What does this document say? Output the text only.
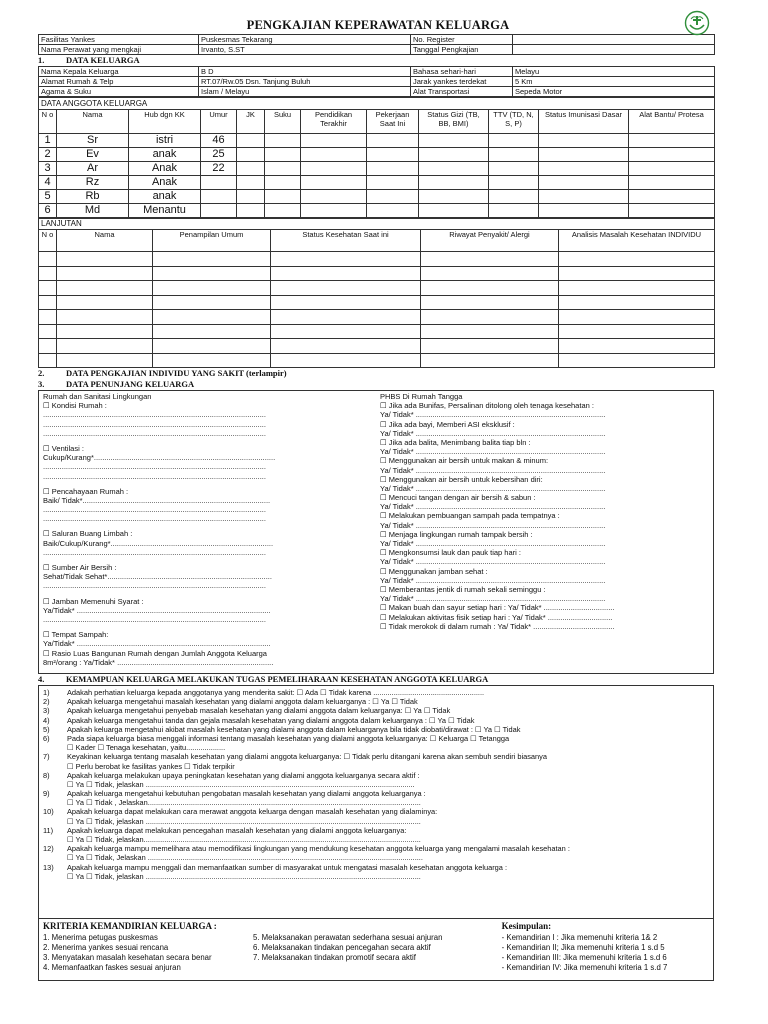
PENGKAJIAN KEPERAWATAN KELUARGA
Fasilitas Yankes	Puskesmas Tekarang	No. Register	
Nama Perawat yang mengkaji	Irvanto, S.ST	Tanggal Pengkajian	
1.	DATA KELUARGA
Nama Kepala Keluarga	B D	Bahasa sehari-hari	Melayu
Alamat Rumah & Telp	RT.07/Rw.05 Dsn. Tanjung Buluh	Jarak yankes terdekat	5 Km
Agama & Suku	Islam / Melayu	Alat Transportasi	Sepeda Motor
DATA ANGGOTA KELUARGA											
N o	Nama	Hub dgn KK	Umur	JK	Suku	Pendidikan Terakhir	Pekerjaan Saat Ini	Status Gizi (TB, BB, BMI)	TTV (TD, N, S, P)	Status Imunisasi Dasar	Alat Bantu/ Protesa
1	Sr	istri	46								
2	Ev	anak	25								
3	Ar	Anak	22								
4	Rz	Anak									
5	Rb	anak									
6	Md	Menantu									
LANJUTAN					
N o	Nama	Penampilan Umum	Status Kesehatan Saat ini	Riwayat Penyakit/ Alergi	Analisis Masalah Kesehatan INDIVIDU

2.	DATA PENGKAJIAN INDIVIDU YANG SAKIT (terlampir)
3.	DATA PENUNJANG KELUARGA
Rumah dan Sanitasi Lingkungan
☐ Kondisi Rumah :
...........................................................................................................
...........................................................................................................
...........................................................................................................
☐ Ventilasi :
Cukup/Kurang*.......................................................................................
...........................................................................................................
...........................................................................................................
☐ Pencahayaan Rumah :
Baik/ Tidak*..........................................................................................
...........................................................................................................
...........................................................................................................
☐ Saluran Buang Limbah :
Baik/Cukup/Kurang*..............................................................................
...........................................................................................................
☐ Sumber Air Bersih :
Sehat/Tidak Sehat*...............................................................................
...........................................................................................................
☐ Jamban Memenuhi Syarat :
Ya/Tidak* .............................................................................................
...........................................................................................................
☐ Tempat Sampah:
Ya/Tidak* .............................................................................................
☐ Rasio Luas Bangunan Rumah dengan Jumlah Anggota Keluarga
8m²/orang : Ya/Tidak* ...........................................................................
PHBS Di Rumah Tangga
☐ Jika ada Bunifas, Persalinan ditolong oleh tenaga kesehatan :
Ya/ Tidak* ...........................................................................................
☐ Jika ada bayi, Memberi ASI eksklusif :
Ya/ Tidak* ...........................................................................................
☐ Jika ada balita, Menimbang balita tiap bln :
Ya/ Tidak* ...........................................................................................
☐ Menggunakan air bersih untuk makan & minum:
Ya/ Tidak* ...........................................................................................
☐ Menggunakan air bersih untuk kebersihan diri:
Ya/ Tidak* ...........................................................................................
☐ Mencuci tangan dengan air bersih & sabun :
Ya/ Tidak* ...........................................................................................
☐ Melakukan pembuangan sampah pada tempatnya :
Ya/ Tidak* ...........................................................................................
☐ Menjaga lingkungan rumah tampak bersih :
Ya/ Tidak* ...........................................................................................
☐ Mengkonsumsi lauk dan pauk tiap hari :
Ya/ Tidak* ...........................................................................................
☐ Menggunakan jamban sehat :
Ya/ Tidak* ...........................................................................................
☐ Memberantas jentik di rumah sekali seminggu :
Ya/ Tidak* ...........................................................................................
☐ Makan buah dan sayur setiap hari : Ya/ Tidak* ..................................
☐ Melakukan aktivitas fisik setiap hari : Ya/ Tidak* ...............................
☐ Tidak merokok di dalam rumah : Ya/ Tidak* .......................................
4.	KEMAMPUAN KELUARGA MELAKUKAN TUGAS PEMELIHARAAN KESEHATAN ANGGOTA KELUARGA
1)	Adakah perhatian keluarga kepada anggotanya yang menderita sakit: ☐ Ada ☐ Tidak karena ......................................................
2)	Apakah keluarga mengetahui masalah kesehatan yang dialami anggota dalam keluarganya : ☐ Ya ☐ Tidak
3)	Apakah keluarga mengetahui penyebab masalah kesehatan yang dialami anggota dalam keluarganya: ☐ Ya ☐ Tidak
4)	Apakah keluarga mengetahui tanda dan gejala masalah kesehatan yang dialami anggota dalam keluarganya : ☐ Ya ☐ Tidak
5)	Apakah keluarga mengetahui akibat masalah kesehatan yang dialami anggota dalam keluarganya bila tidak diobati/dirawat : ☐ Ya ☐ Tidak
6)	Pada siapa keluarga biasa menggali informasi tentang masalah kesehatan yang dialami anggota keluarganya: ☐ Keluarga ☐ Tetangga
☐ Kader ☐ Tenaga kesehatan, yaitu...................
7)	Keyakinan keluarga tentang masalah kesehatan yang dialami anggota keluarganya: ☐ Tidak perlu ditangani karena akan sembuh sendiri biasanya
☐ Perlu berobat ke fasilitas yankes ☐ Tidak terpikir
8)	Apakah keluarga melakukan upaya peningkatan kesehatan yang dialami anggota keluarganya secara aktif :
☐ Ya ☐ Tidak, jelaskan ...................................................................................................................................
9)	Apakah keluarga mengetahui kebutuhan pengobatan masalah kesehatan yang dialami anggota keluarganya :
☐ Ya ☐ Tidak , Jelaskan.....................................................................................................................................
10)	Apakah keluarga dapat melakukan cara merawat anggota keluarga dengan masalah kesehatan yang dialaminya:
☐ Ya ☐ Tidak, jelaskan ......................................................................................................................................
11)	Apakah keluarga dapat melakukan pencegahan masalah kesehatan yang dialami anggota keluarganya:
☐ Ya ☐ Tidak, jelaskan.......................................................................................................................................
12)	Apakah keluarga mampu memelihara atau memodifikasi lingkungan yang mendukung kesehatan anggota keluarga yang mengalami masalah kesehatan :
☐ Ya ☐ Tidak, Jelaskan ......................................................................................................................................
13)	Apakah keluarga mampu menggali dan memanfaatkan sumber di masyarakat untuk mengatasi masalah kesehatan anggota keluarga :
☐ Ya ☐ Tidak, jelaskan ......................................................................................................................................
KRITERIA KEMANDIRIAN KELUARGA :
1. Menerima petugas puskesmas	5. Melaksanakan perawatan sederhana sesuai anjuran
2. Menerima yankes sesuai rencana	6. Melaksanakan tindakan pencegahan secara aktif
3. Menyatakan masalah kesehatan secara benar	7. Melaksanakan tindakan promotif secara aktif
4. Memanfaatkan faskes sesuai anjuran
Kesimpulan:
- Kemandirian I : Jika memenuhi kriteria 1& 2
- Kemandirian II; Jika memenuhi kriteria 1 s.d 5
- Kemandirian III: Jika memenuhi kriteria 1 s.d 6
- Kemandirian IV: Jika memenuhi kriteria 1 s.d 7
